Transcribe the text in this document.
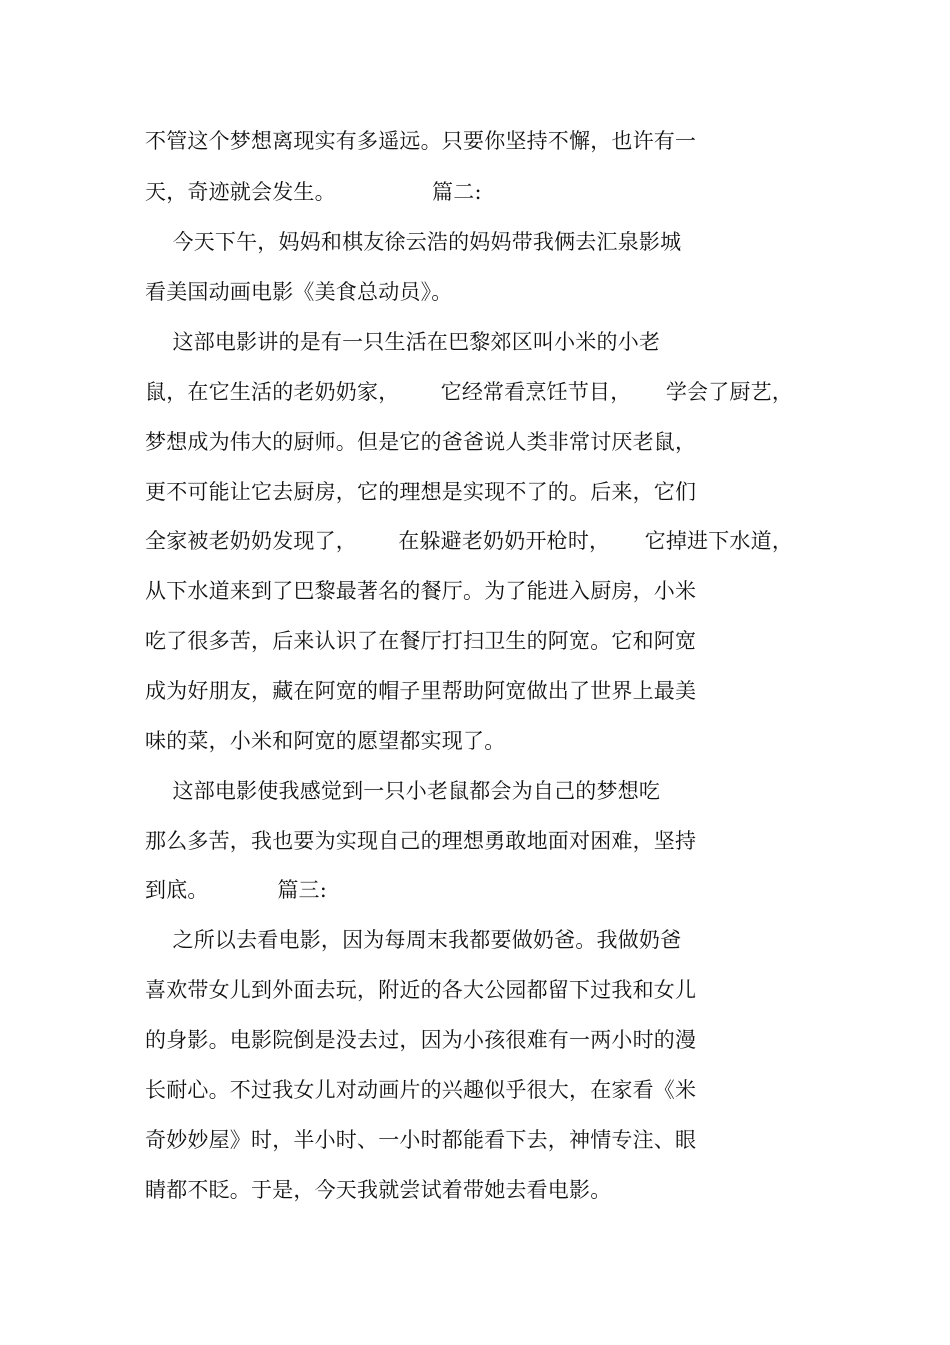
不管这个梦想离现实有多遥远。只要你坚持不懈，也许有一
天，奇迹就会发生。              篇二:
今天下午，妈妈和棋友徐云浩的妈妈带我俩去汇泉影城
看美国动画电影《美食总动员》。
这部电影讲的是有一只生活在巴黎郊区叫小米的小老
鼠，在它生活的老奶奶家，      它经常看烹饪节目，     学会了厨艺，
梦想成为伟大的厨师。但是它的爸爸说人类非常讨厌老鼠，
更不可能让它去厨房，它的理想是实现不了的。后来，它们
全家被老奶奶发现了，      在躲避老奶奶开枪时，     它掉进下水道，
从下水道来到了巴黎最著名的餐厅。为了能进入厨房，小米
吃了很多苦，后来认识了在餐厅打扫卫生的阿宽。它和阿宽
成为好朋友，藏在阿宽的帽子里帮助阿宽做出了世界上最美
味的菜，小米和阿宽的愿望都实现了。
这部电影使我感觉到一只小老鼠都会为自己的梦想吃
那么多苦，我也要为实现自己的理想勇敢地面对困难，坚持
到底。          篇三:
之所以去看电影，因为每周末我都要做奶爸。我做奶爸
喜欢带女儿到外面去玩，附近的各大公园都留下过我和女儿
的身影。电影院倒是没去过，因为小孩很难有一两小时的漫
长耐心。不过我女儿对动画片的兴趣似乎很大，在家看《米
奇妙妙屋》时，半小时、一小时都能看下去，神情专注、眼
睛都不眨。于是，今天我就尝试着带她去看电影。
